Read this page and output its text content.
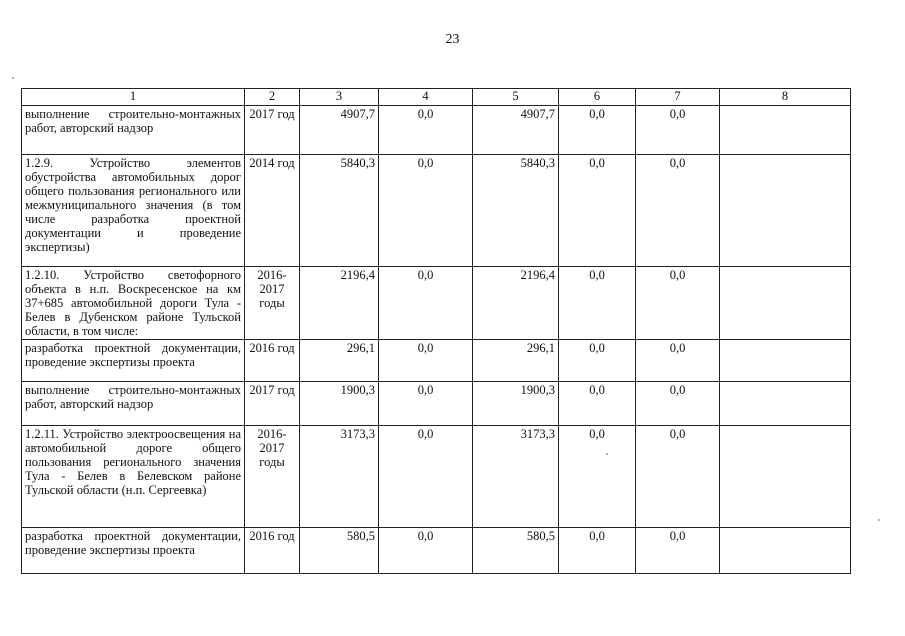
23
1	2	3	4	5	6	7	8
выполнение строительно-монтажных работ, авторский надзор	2017 год	4907,7	0,0	4907,7	0,0	0,0	
1.2.9. Устройство элементов обустройства автомобильных дорог общего пользования регионального или межмуниципального значения (в том числе разработка проектной документации и проведение экспертизы)	2014 год	5840,3	0,0	5840,3	0,0	0,0	
1.2.10. Устройство светофорного объекта в н.п. Воскресенское на км 37+685 автомобильной дороги Тула - Белев в Дубенском районе Тульской области, в том числе:	2016-2017 годы	2196,4	0,0	2196,4	0,0	0,0	
разработка проектной документации, проведение экспертизы проекта	2016 год	296,1	0,0	296,1	0,0	0,0	
выполнение строительно-монтажных работ, авторский надзор	2017 год	1900,3	0,0	1900,3	0,0	0,0	
1.2.11. Устройство электроосвещения на автомобильной дороге общего пользования регионального значения Тула - Белев в Белевском районе Тульской области (н.п. Сергеевка)	2016-2017 годы	3173,3	0,0	3173,3	0,0	0,0	
разработка проектной документации, проведение экспертизы проекта	2016 год	580,5	0,0	580,5	0,0	0,0	
